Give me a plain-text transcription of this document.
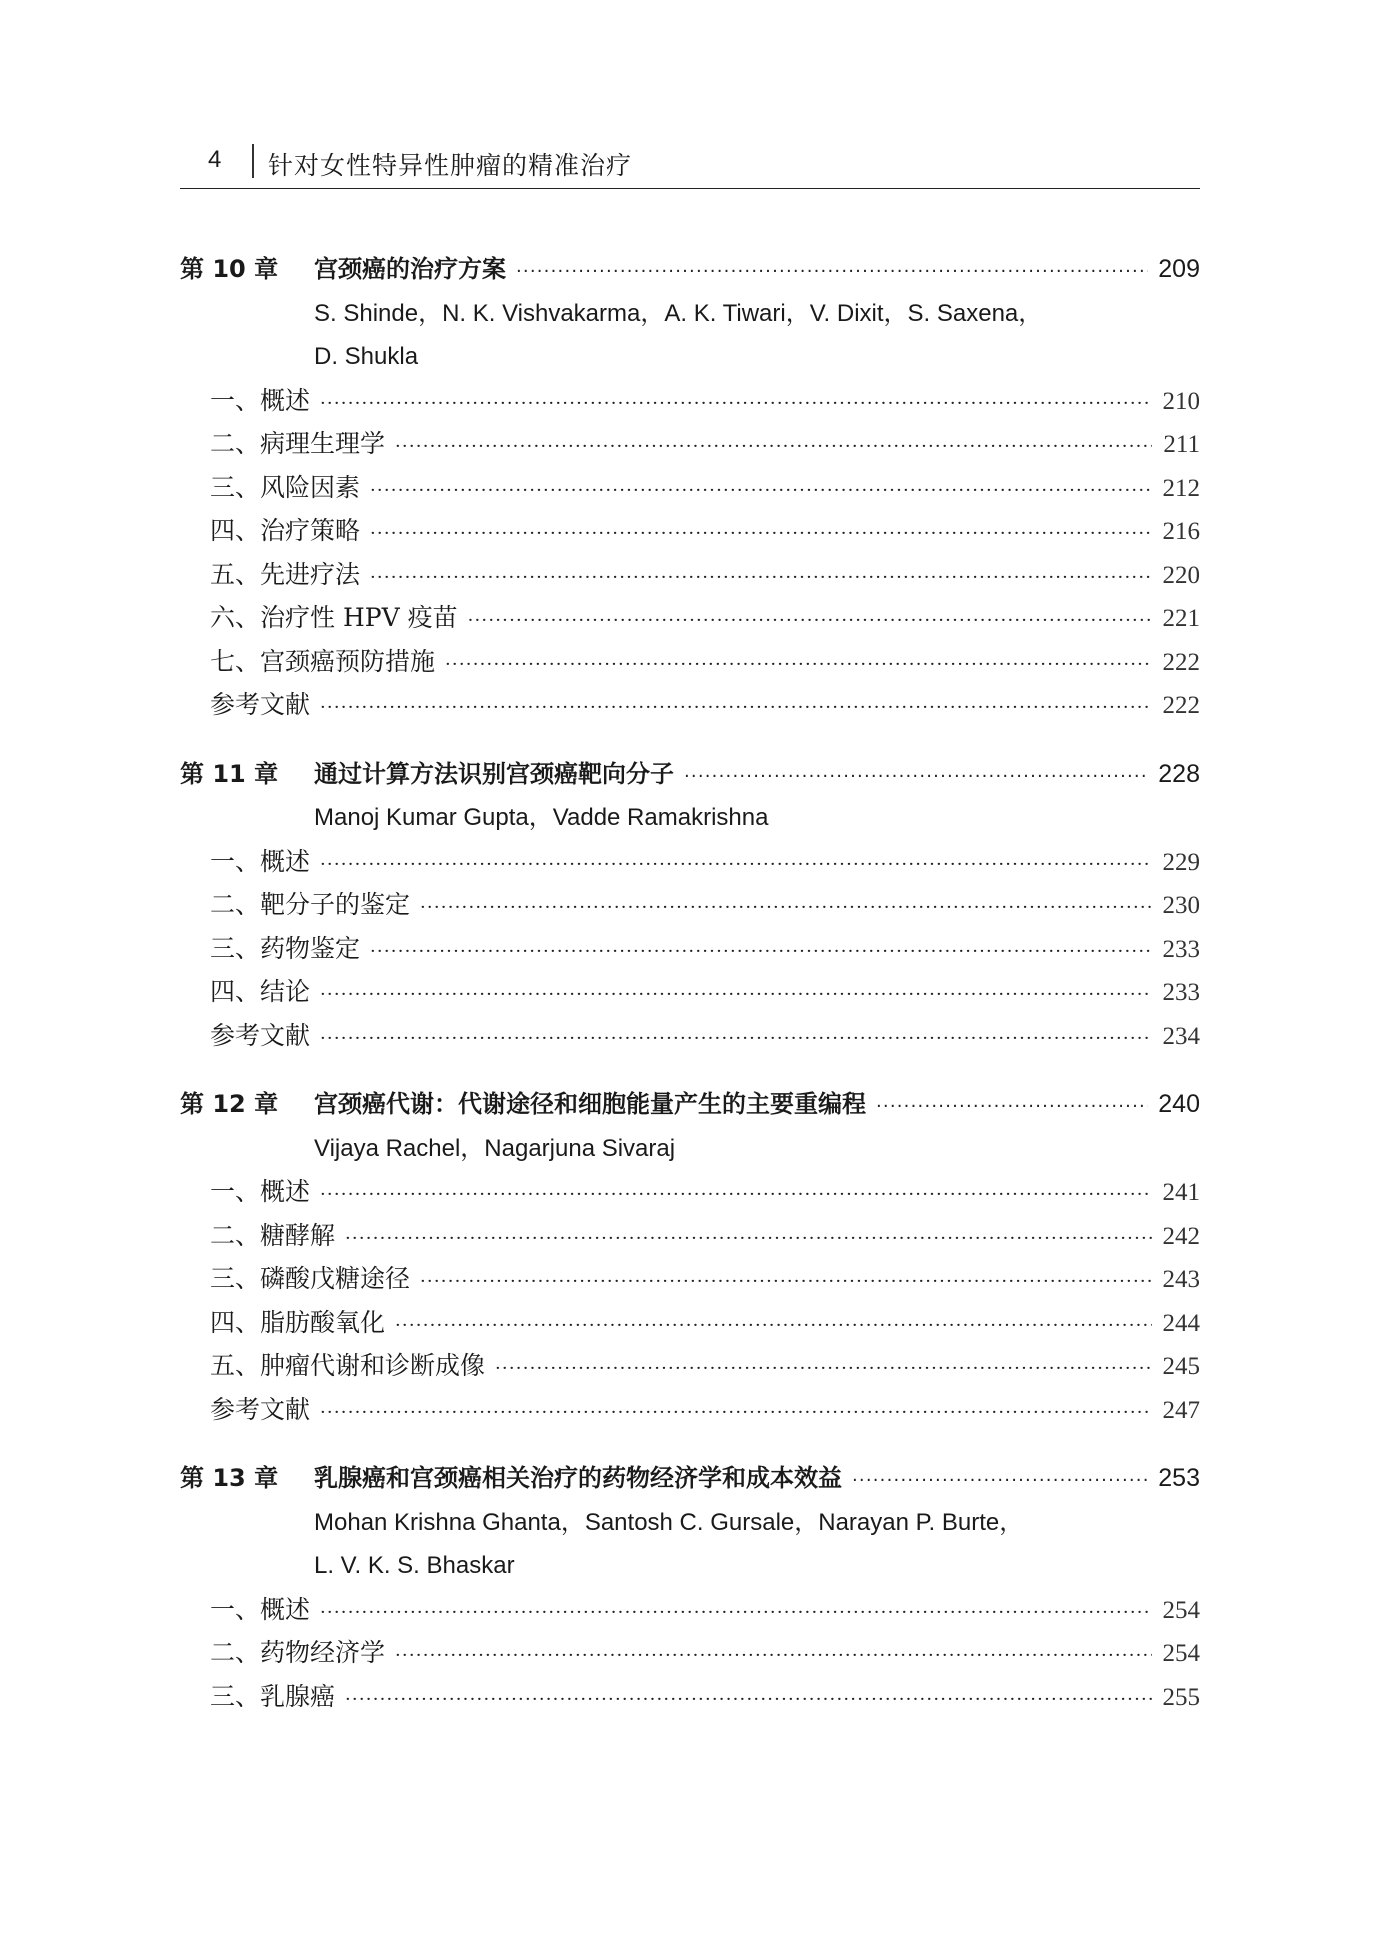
4 针对女性特异性肿瘤的精准治疗
第 10 章	宫颈癌的治疗方案 ·····	209
S. Shinde，N. K. Vishvakarma，A. K. Tiwari，V. Dixit，S. Saxena，
D. Shukla
一、概述 ·····	210
二、病理生理学 ·····	211
三、风险因素 ·····	212
四、治疗策略 ·····	216
五、先进疗法 ·····	220
六、治疗性 HPV 疫苗 ·····	221
七、宫颈癌预防措施 ·····	222
参考文献 ·····	222
第 11 章	通过计算方法识别宫颈癌靶向分子 ·····	228
Manoj Kumar Gupta，Vadde Ramakrishna
一、概述 ·····	229
二、靶分子的鉴定 ·····	230
三、药物鉴定 ·····	233
四、结论 ·····	233
参考文献 ·····	234
第 12 章	宫颈癌代谢：代谢途径和细胞能量产生的主要重编程 ·····	240
Vijaya Rachel，Nagarjuna Sivaraj
一、概述 ·····	241
二、糖酵解 ·····	242
三、磷酸戊糖途径 ·····	243
四、脂肪酸氧化 ·····	244
五、肿瘤代谢和诊断成像 ·····	245
参考文献 ·····	247
第 13 章	乳腺癌和宫颈癌相关治疗的药物经济学和成本效益 ·····	253
Mohan Krishna Ghanta，Santosh C. Gursale，Narayan P. Burte，
L. V. K. S. Bhaskar
一、概述 ·····	254
二、药物经济学 ·····	254
三、乳腺癌 ·····	255
